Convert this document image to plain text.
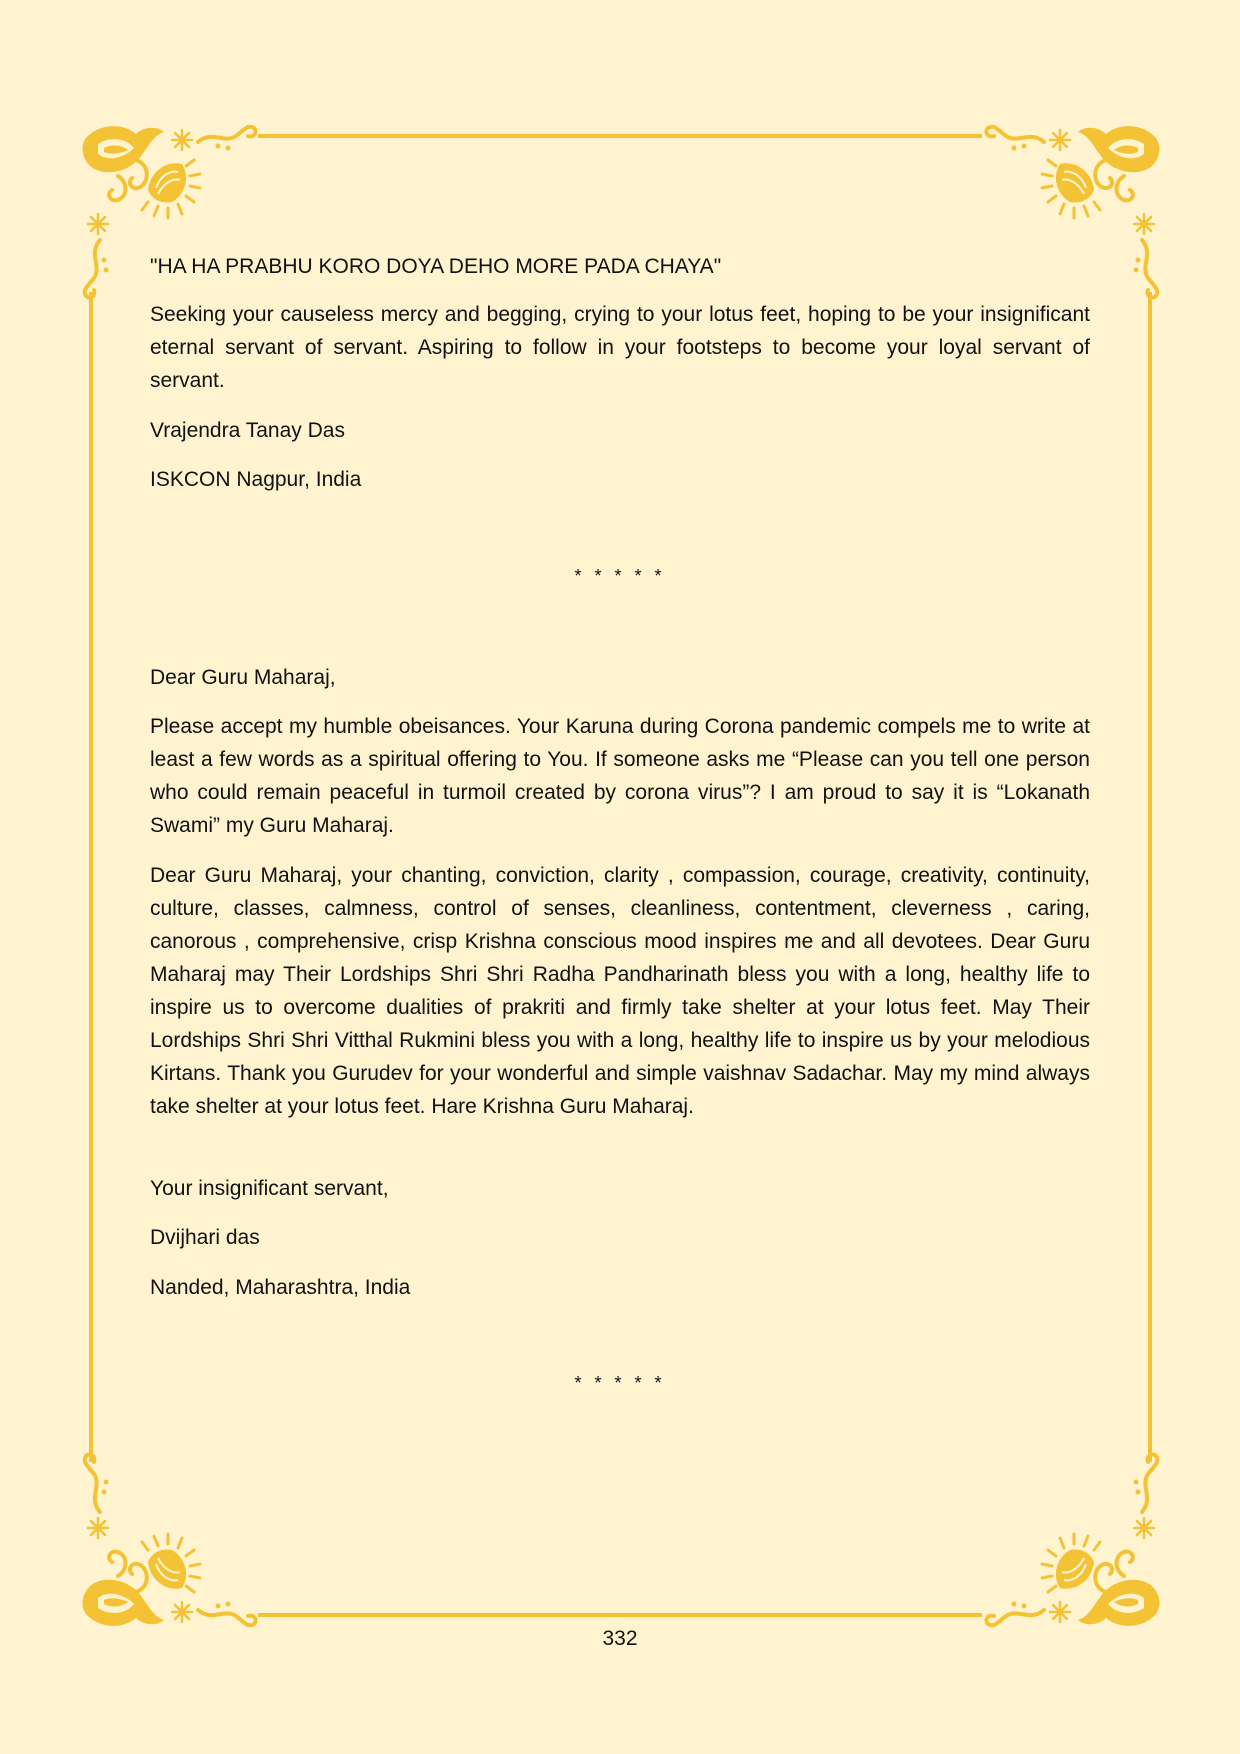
"HA HA PRABHU KORO DOYA DEHO MORE PADA CHAYA"

Seeking your causeless mercy and begging, crying to your lotus feet, hoping to be your insignificant eternal servant of servant. Aspiring to follow in your footsteps to become your loyal servant of servant.

Vrajendra Tanay Das

ISKCON Nagpur, India

* * * * *

Dear Guru Maharaj,

Please accept my humble obeisances. Your Karuna during Corona pandemic compels me to write at least a few words as a spiritual offering to You. If someone asks me “Please can you tell one person who could remain peaceful in turmoil created by corona virus”? I am proud to say it is “Lokanath Swami” my Guru Maharaj.

Dear Guru Maharaj, your chanting, conviction, clarity , compassion, courage, creativity, continuity, culture, classes, calmness, control of senses, cleanliness, contentment, cleverness , caring, canorous , comprehensive, crisp Krishna conscious mood inspires me and all devotees. Dear Guru Maharaj may Their Lordships Shri Shri Radha Pandharinath bless you with a long, healthy life to inspire us to overcome dualities of prakriti and firmly take shelter at your lotus feet. May Their Lordships Shri Shri Vitthal Rukmini bless you with a long, healthy life to inspire us by your melodious Kirtans. Thank you Gurudev for your wonderful and simple vaishnav Sadachar. May my mind always take shelter at your lotus feet. Hare Krishna Guru Maharaj.

Your insignificant servant,

Dvijhari das

Nanded, Maharashtra, India

* * * * *
332
